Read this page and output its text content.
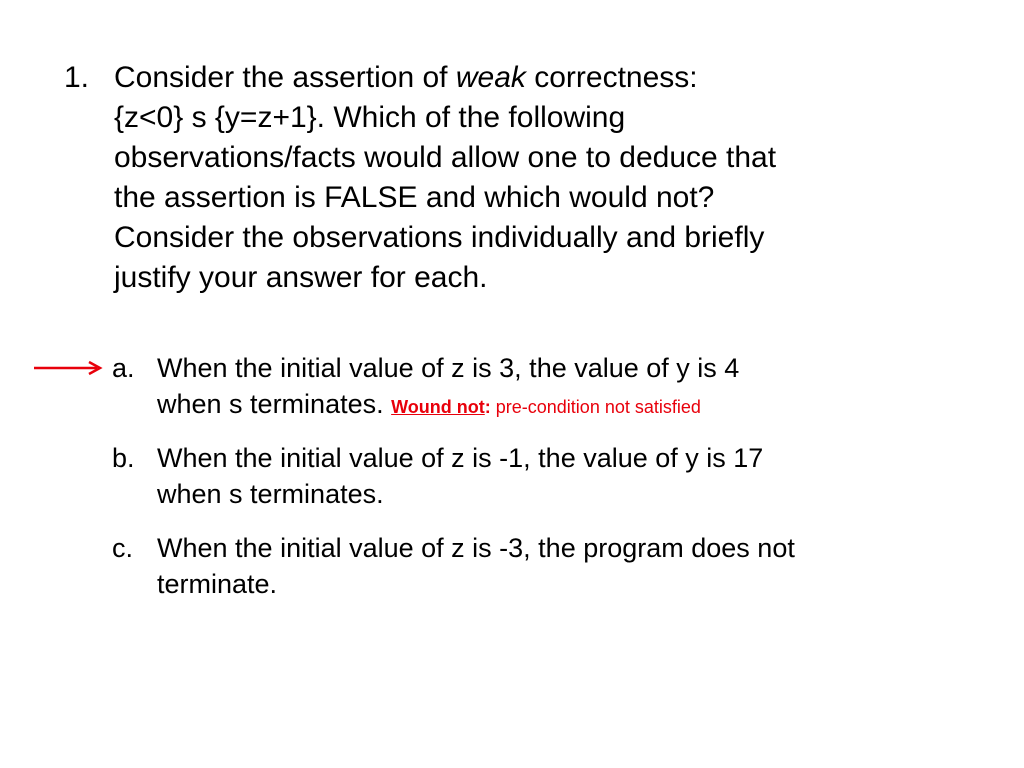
1. Consider the assertion of weak correctness:
{z<0} s {y=z+1}. Which of the following
observations/facts would allow one to deduce that
the assertion is FALSE and which would not?
Consider the observations individually and briefly
justify your answer for each.
a. When the initial value of z is 3, the value of y is 4
when s terminates. Wound not: pre-condition not satisfied
b. When the initial value of z is -1, the value of y is 17
when s terminates.
c. When the initial value of z is -3, the program does not
terminate.
